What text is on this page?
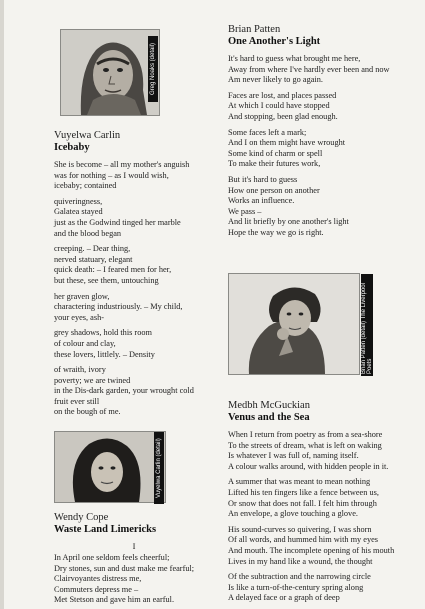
Greg Noaks (detail)
Vuyelwa Carlin
Icebaby
She is become – all my mother's anguish
was for nothing – as I would wish,
icebaby; contained
quiveringness,
Galatea stayed
just as the Godwind tinged her marble
and the blood began
creeping. – Dear thing,
nerved statuary, elegant
quick death: – I feared men for her,
but these, see them, untouching
her graven glow,
charactering industriously. – My child,
your eyes, ash-
grey shadows, hold this room
of colour and clay,
these lovers, littlely. – Density
of wraith, ivory
poverty; we are twined
in the Dis-dark garden, your wrought cold
fruit ever still
on the bough of me.
Vuyelwa Carlin (detail)
Wendy Cope
Waste Land Limericks
I
In April one seldom feels cheerful;
Dry stones, sun and dust make me fearful;
Clairvoyantes distress me,
Commuters depress me –
Met Stetson and gave him an earful.
Brian Patten
One Another's Light
It's hard to guess what brought me here,
Away from where I've hardly ever been and now
Am never likely to go again.
Faces are lost, and places passed
At which I could have stopped
And stopping, been glad enough.
Some faces left a mark;
And I on them might have wrought
Some kind of charm or spell
To make their futures work,
But it's hard to guess
How one person on another
Works an influence.
We pass –
And lit briefly by one another's light
Hope the way we go is right.
Brian Patten (detail) The Liverpool Poets
Medbh McGuckian
Venus and the Sea
When I return from poetry as from a sea-shore
To the streets of dream, what is left on waking
Is whatever I was full of, naming itself.
A colour walks around, with hidden people in it.
A summer that was meant to mean nothing
Lifted his ten fingers like a fence between us,
Or snow that does not fall. I felt him through
An envelope, a glove touching a glove.
His sound-curves so quivering, I was shorn
Of all words, and hummed him with my eyes
And mouth. The incomplete opening of his mouth
Lives in my hand like a wound, the thought
Of the subtraction and the narrowing circle
Is like a turn-of-the-century spring along
A delayed face or a graph of deep
